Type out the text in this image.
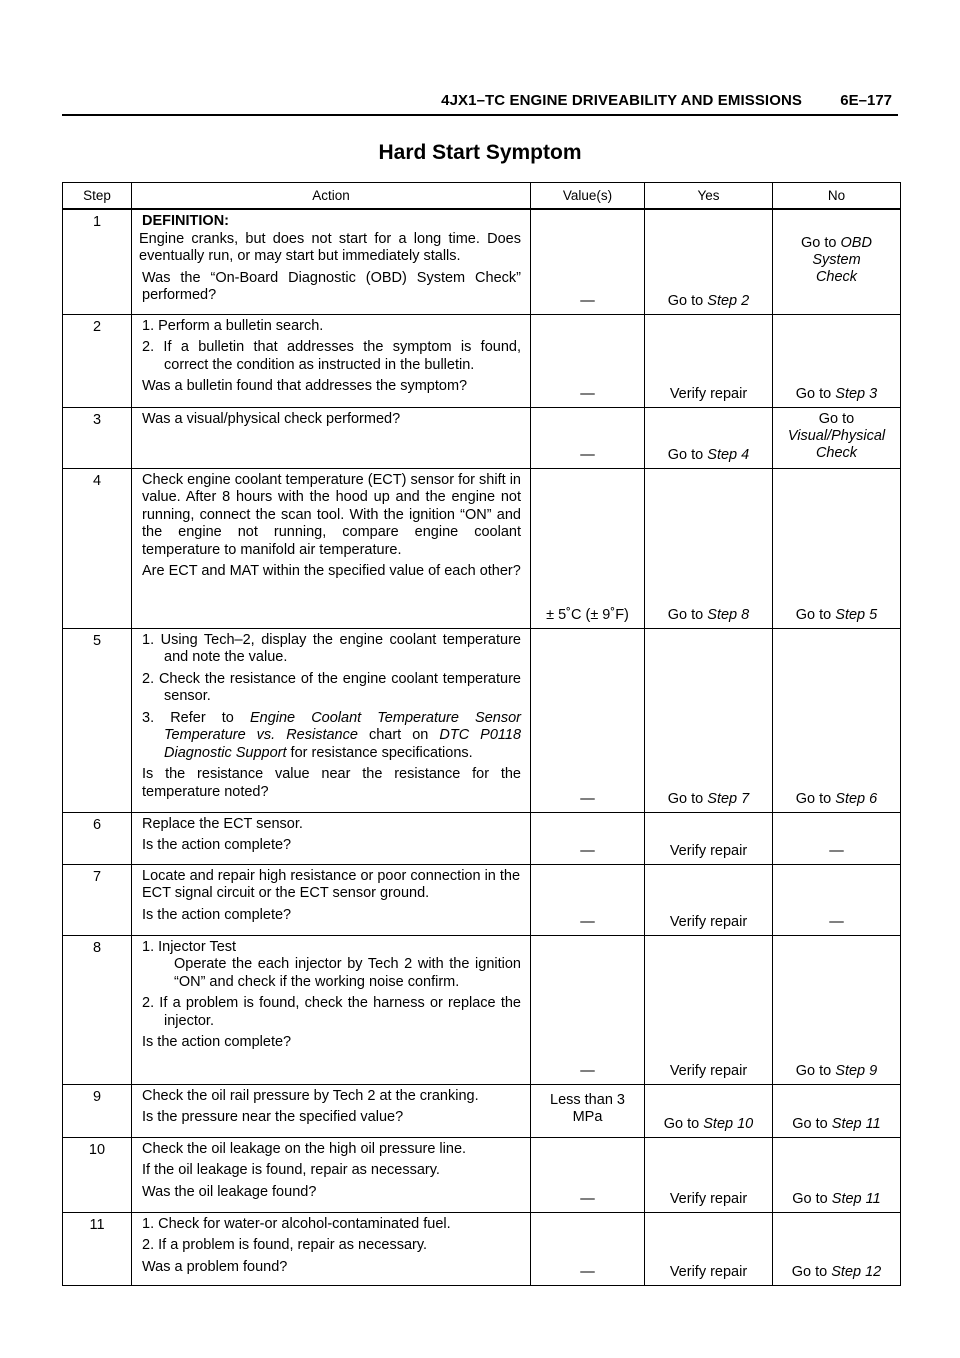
4JX1–TC ENGINE DRIVEABILITY AND EMISSIONS	6E–177
Hard Start Symptom
Step	Action	Value(s)	Yes	No
1	DEFINITION:
Engine cranks, but does not start for a long time. Does eventually run, or may start but immediately stalls.
Was the “On-Board Diagnostic (OBD) System Check” performed?	—	Go to Step 2	Go to OBD System Check
2	1. Perform a bulletin search.
2. If a bulletin that addresses the symptom is found, correct the condition as instructed in the bulletin.
Was a bulletin found that addresses the symptom?	—	Verify repair	Go to Step 3
3	Was a visual/physical check performed?	—	Go to Step 4	Go to
Visual/Physical Check
4	Check engine coolant temperature (ECT) sensor for shift in value. After 8 hours with the hood up and the engine not running, connect the scan tool. With the ignition “ON” and the engine not running, compare engine coolant temperature to manifold air temperature.
Are ECT and MAT within the specified value of each other?	± 5˚C (± 9˚F)	Go to Step 8	Go to Step 5
5	1. Using Tech–2, display the engine coolant temperature and note the value.
2. Check the resistance of the engine coolant temperature sensor.
3. Refer to Engine Coolant Temperature Sensor Temperature vs. Resistance chart on DTC P0118 Diagnostic Support for resistance specifications.
Is the resistance value near the resistance for the temperature noted?	—	Go to Step 7	Go to Step 6
6	Replace the ECT sensor.
Is the action complete?	—	Verify repair	—
7	Locate and repair high resistance or poor connection in the ECT signal circuit or the ECT sensor ground.
Is the action complete?	—	Verify repair	—
8	1. Injector Test
Operate the each injector by Tech 2 with the ignition “ON” and check if the working noise confirm.
2. If a problem is found, check the harness or replace the injector.
Is the action complete?	—	Verify repair	Go to Step 9
9	Check the oil rail pressure by Tech 2 at the cranking.
Is the pressure near the specified value?	Less than 3 MPa	Go to Step 10	Go to Step 11
10	Check the oil leakage on the high oil pressure line.
If the oil leakage is found, repair as necessary.
Was the oil leakage found?	—	Verify repair	Go to Step 11
11	1. Check for water-or alcohol-contaminated fuel.
2. If a problem is found, repair as necessary.
Was a problem found?	—	Verify repair	Go to Step 12
